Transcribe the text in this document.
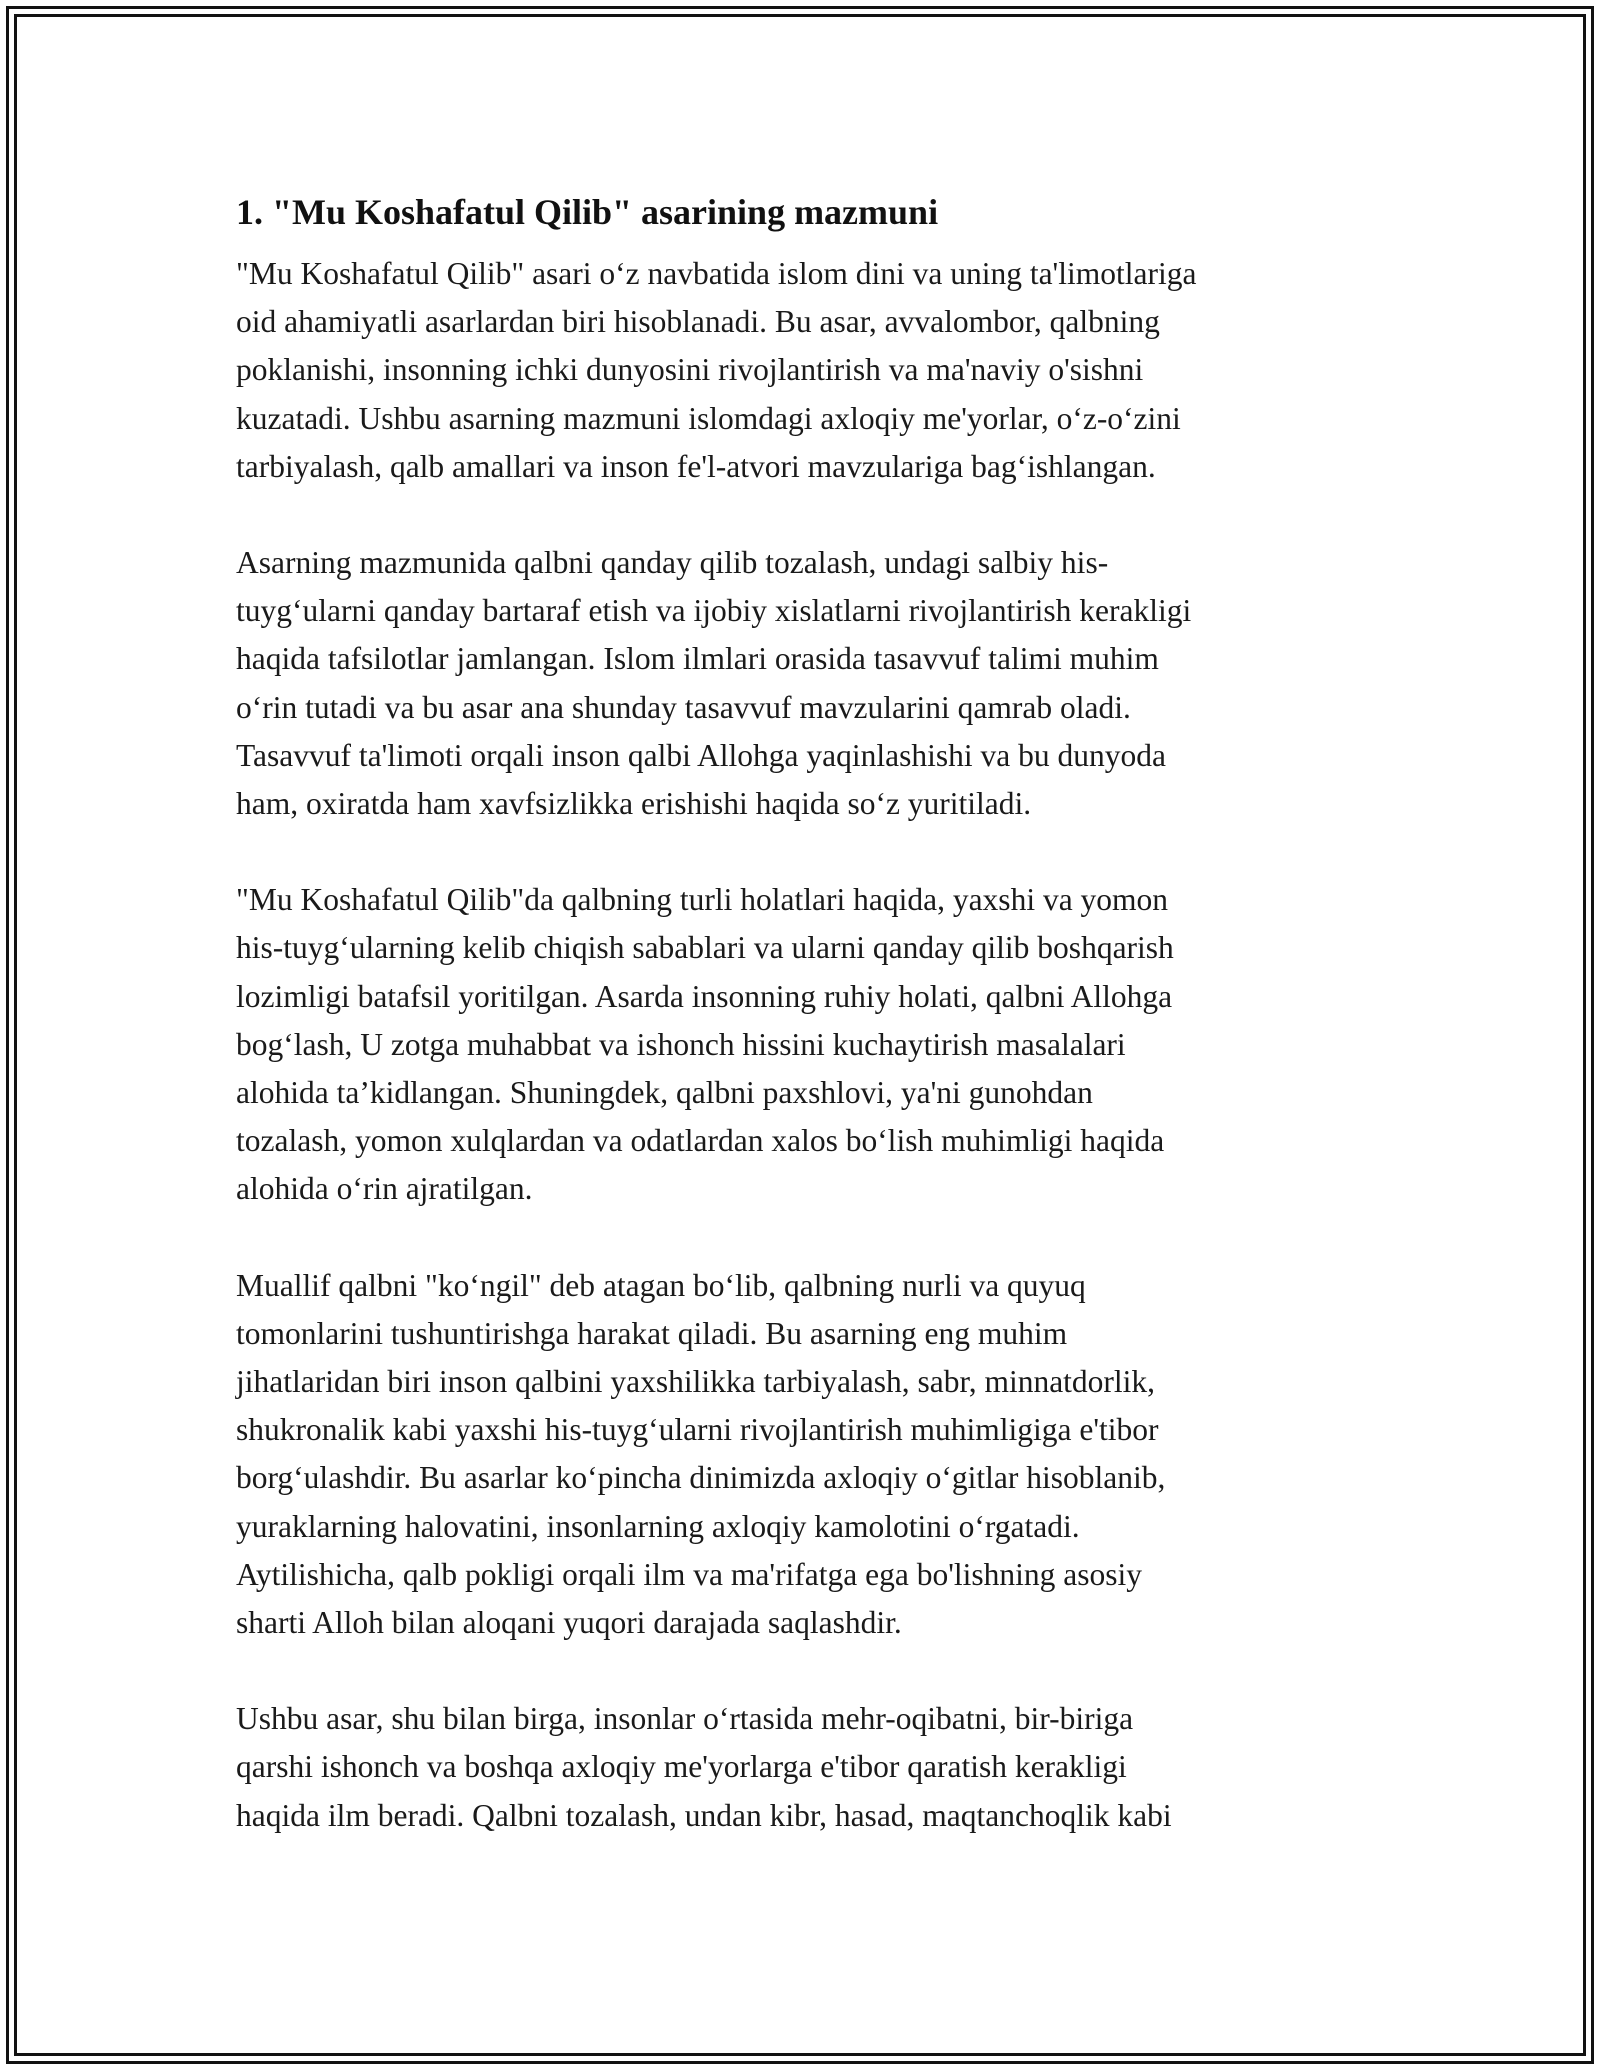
1. "Mu Koshafatul Qilib" asarining mazmuni

"Mu Koshafatul Qilib" asari o‘z navbatida islom dini va uning ta'limotlariga
oid ahamiyatli asarlardan biri hisoblanadi. Bu asar, avvalombor, qalbning
poklanishi, insonning ichki dunyosini rivojlantirish va ma'naviy o'sishni
kuzatadi. Ushbu asarning mazmuni islomdagi axloqiy me'yorlar, o‘z-o‘zini
tarbiyalash, qalb amallari va inson fe'l-atvori mavzulariga bag‘ishlangan.

Asarning mazmunida qalbni qanday qilib tozalash, undagi salbiy his-
tuyg‘ularni qanday bartaraf etish va ijobiy xislatlarni rivojlantirish kerakligi
haqida tafsilotlar jamlangan. Islom ilmlari orasida tasavvuf talimi muhim
o‘rin tutadi va bu asar ana shunday tasavvuf mavzularini qamrab oladi.
Tasavvuf ta'limoti orqali inson qalbi Allohga yaqinlashishi va bu dunyoda
ham, oxiratda ham xavfsizlikka erishishi haqida so‘z yuritiladi.

"Mu Koshafatul Qilib"da qalbning turli holatlari haqida, yaxshi va yomon
his-tuyg‘ularning kelib chiqish sabablari va ularni qanday qilib boshqarish
lozimligi batafsil yoritilgan. Asarda insonning ruhiy holati, qalbni Allohga
bog‘lash, U zotga muhabbat va ishonch hissini kuchaytirish masalalari
alohida ta’kidlangan. Shuningdek, qalbni paxshlovi, ya'ni gunohdan
tozalash, yomon xulqlardan va odatlardan xalos bo‘lish muhimligi haqida
alohida o‘rin ajratilgan.

Muallif qalbni "ko‘ngil" deb atagan bo‘lib, qalbning nurli va quyuq
tomonlarini tushuntirishga harakat qiladi. Bu asarning eng muhim
jihatlaridan biri inson qalbini yaxshilikka tarbiyalash, sabr, minnatdorlik,
shukronalik kabi yaxshi his-tuyg‘ularni rivojlantirish muhimligiga e'tibor
borg‘ulashdir. Bu asarlar ko‘pincha dinimizda axloqiy o‘gitlar hisoblanib,
yuraklarning halovatini, insonlarning axloqiy kamolotini o‘rgatadi.
Aytilishicha, qalb pokligi orqali ilm va ma'rifatga ega bo'lishning asosiy
sharti Alloh bilan aloqani yuqori darajada saqlashdir.

Ushbu asar, shu bilan birga, insonlar o‘rtasida mehr-oqibatni, bir-biriga
qarshi ishonch va boshqa axloqiy me'yorlarga e'tibor qaratish kerakligi
haqida ilm beradi. Qalbni tozalash, undan kibr, hasad, maqtanchoqlik kabi
